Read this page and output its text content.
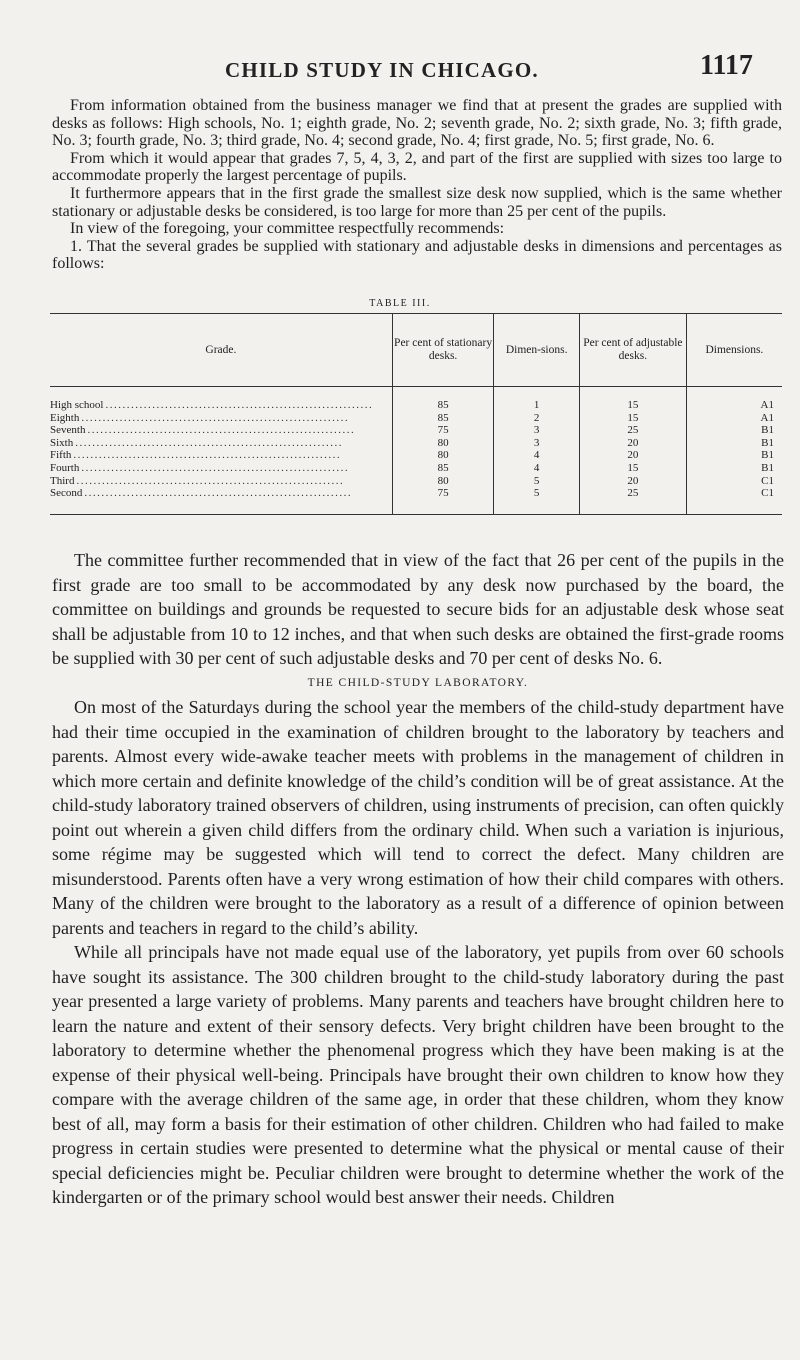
CHILD STUDY IN CHICAGO.	1117

From information obtained from the business manager we find that at present the grades are supplied with desks as follows: High schools, No. 1; eighth grade, No. 2; seventh grade, No. 2; sixth grade, No. 3; fifth grade, No. 3; fourth grade, No. 3; third grade, No. 4; second grade, No. 4; first grade, No. 5; first grade, No. 6.

From which it would appear that grades 7, 5, 4, 3, 2, and part of the first are supplied with sizes too large to accommodate properly the largest percentage of pupils.

It furthermore appears that in the first grade the smallest size desk now supplied, which is the same whether stationary or adjustable desks be considered, is too large for more than 25 per cent of the pupils.

In view of the foregoing, your committee respectfully recommends:

1. That the several grades be supplied with stationary and adjustable desks in dimensions and percentages as follows:

TABLE III.
Grade.	Per cent of stationary desks.	Dimen-sions.	Per cent of adjustable desks.	Dimensions.
High school ...............................................................	85	1	15	A1
Eighth ...............................................................	85	2	15	A1
Seventh ...............................................................	75	3	25	B1
Sixth ...............................................................	80	3	20	B1
Fifth ...............................................................	80	4	20	B1
Fourth ...............................................................	85	4	15	B1
Third ...............................................................	80	5	20	C1
Second ...............................................................	75	5	25	C1

The committee further recommended that in view of the fact that 26 per cent of the pupils in the first grade are too small to be accommodated by any desk now purchased by the board, the committee on buildings and grounds be requested to secure bids for an adjustable desk whose seat shall be adjustable from 10 to 12 inches, and that when such desks are obtained the first-grade rooms be supplied with 30 per cent of such adjustable desks and 70 per cent of desks No. 6.

THE CHILD-STUDY LABORATORY.

On most of the Saturdays during the school year the members of the child-study department have had their time occupied in the examination of children brought to the laboratory by teachers and parents. Almost every wide-awake teacher meets with problems in the management of children in which more certain and definite knowledge of the child’s condition will be of great assistance. At the child-study laboratory trained observers of children, using instruments of precision, can often quickly point out wherein a given child differs from the ordinary child. When such a variation is injurious, some régime may be suggested which will tend to correct the defect. Many children are misunderstood. Parents often have a very wrong estimation of how their child compares with others. Many of the children were brought to the laboratory as a result of a difference of opinion between parents and teachers in regard to the child’s ability.

While all principals have not made equal use of the laboratory, yet pupils from over 60 schools have sought its assistance. The 300 children brought to the child-study laboratory during the past year presented a large variety of problems. Many parents and teachers have brought children here to learn the nature and extent of their sensory defects. Very bright children have been brought to the laboratory to determine whether the phenomenal progress which they have been making is at the expense of their physical well-being. Principals have brought their own children to know how they compare with the average children of the same age, in order that these children, whom they know best of all, may form a basis for their estimation of other children. Children who had failed to make progress in certain studies were presented to determine what the physical or mental cause of their special deficiencies might be. Peculiar children were brought to determine whether the work of the kindergarten or of the primary school would best answer their needs. Children
